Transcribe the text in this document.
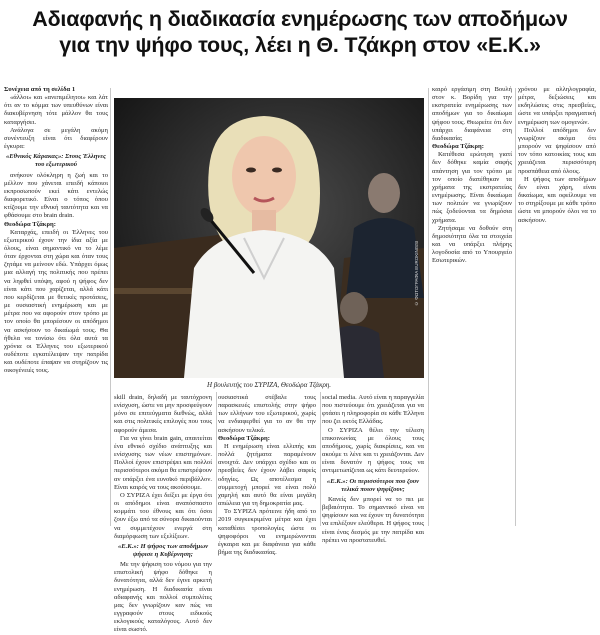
Αδιαφανής η διαδικασία ενημέρωσης των αποδήμων
για την ψήφο τους, λέει η Θ. Τζάκρη στον «Ε.Κ.»

Συνέχεια από τη σελίδα 1

«άλλοι» και «ανεπιμέλητοι» και λάτ ότι αν το κόμμα των υπευθύνων είναι διακυβέρνηση τότε μάλλον θα τους καταργήσει.

Ανάλογα σε μεγάλη ακόμη συνέντευξη είναι ότι διαφέρουν έγκυρα:

«Εθνικός Κάρακας»: Στους Έλληνες του εξωτερικού

ανήκουν ολόκληρη η ζωή και το μέλλον που χάνεται επειδή κάποιοι εκπροσωπούν εκεί κάτι εντελώς διαφορετικό. Είναι ο τόπος όπου κτίζουμε την εθνική ταυτότητα και να φθάσουμε στο brain drain.

Θεοδώρα Τζάκρη:

Καταρχάς, επειδή οι Έλληνες του εξωτερικού έχουν την ίδια αξία με όλους, είναι σημαντικό να το λέμε όταν έρχονται στη χώρα και όταν τους ζητάμε να μείνουν εδώ. Υπάρχει όμως μια αλλαγή της πολιτικής που πρέπει να ληφθεί υπόψη, αφού η ψήφος δεν είναι κάτι που χαρίζεται, αλλά κάτι που κερδίζεται με θετικές προτάσεις, με ουσιαστική ενημέρωση και με μέτρα που να αφορούν στον τρόπο με τον οποίο θα μπορέσουν οι απόδημοι να ασκήσουν το δικαίωμά τους. Θα ήθελα να τονίσω ότι όλα αυτά τα χρόνια οι Έλληνες του εξωτερικού ουδέποτε εγκατέλειψαν την πατρίδα και ουδέποτε έπαψαν να στηρίζουν τις οικογένειές τους.

skill drain, δηλαδή με ταυτόχρονη ενίσχυση, ώστε να μην προσφεύγουν μόνο σε επιτεύγματα διεθνώς, αλλά και στις πολιτικές επιλογές που τους αφορούν άμεσα.

Για να γίνει brain gain, απαιτείται ένα εθνικό σχέδιο ανάπτυξης και ενίσχυσης των νέων επιστημόνων. Πολλοί έχουν επιστρέψει και πολλοί περισσότεροι ακόμα θα επιστρέψουν αν υπάρξει ένα ευνοϊκό περιβάλλον. Είναι καιρός να τους ακούσουμε.

Ο ΣΥΡΙΖΑ έχει δείξει με έργα ότι οι απόδημοι είναι αναπόσπαστο κομμάτι του έθνους και ότι όσοι ζουν έξω από τα σύνορα δικαιούνται να συμμετέχουν ενεργά στη διαμόρφωση των εξελίξεων.

«Ε.Κ.»: Η ψήφος των αποδήμων ψήφισε η Κυβέρνηση;

Με την ψήφιση του νόμου για την επιστολική ψήφο δόθηκε η δυνατότητα, αλλά δεν έγινε αρκετή ενημέρωση. Η διαδικασία είναι αδιαφανής και πολλοί συμπολίτες μας δεν γνωρίζουν καν πώς να εγγραφούν στους ειδικούς εκλογικούς καταλόγους. Αυτό δεν είναι σωστό.

ουσιαστικά στέβαλε τους παρασκευές επιστολής στην ψήφο των ελλήνων του εξωτερικού, χωρίς να ενδιαφερθεί για το αν θα την ασκήσουν τελικά.

Θεοδώρα Τζάκρη:

Η ενημέρωση είναι ελλιπής και πολλά ζητήματα παραμένουν ανοιχτά. Δεν υπάρχει σχέδιο και οι πρεσβείες δεν έχουν λάβει σαφείς οδηγίες. Ως αποτέλεσμα η συμμετοχή μπορεί να είναι πολύ χαμηλή και αυτό θα είναι μεγάλη απώλεια για τη δημοκρατία μας.

Το ΣΥΡΙΖΑ πρότεινε ήδη από το 2019 συγκεκριμένα μέτρα και έχει καταθέσει τροπολογίες ώστε οι ψηφοφόροι να ενημερώνονται έγκαιρα και με διαφάνεια για κάθε βήμα της διαδικασίας.

social media. Αυτό είναι η παραγγελία που πιστεύουμε ότι χρειάζεται για να φτάσει η πληροφορία σε κάθε Έλληνα που ζει εκτός Ελλάδας.

Ο ΣΥΡΙΖΑ θέλει την τέλεση επικοινωνίας με όλους τους αποδήμους, χωρίς διακρίσεις, και να ακούμε τι λένε και τι χρειάζονται. Δεν είναι δυνατόν η ψήφος τους να αντιμετωπίζεται ως κάτι δευτερεύον.

«Ε.Κ.»: Οι περισσότεροι που ζουν τελικά ποιον ψηφίζουν;

Κανείς δεν μπορεί να το πει με βεβαιότητα. Το σημαντικό είναι να ψηφίσουν και να έχουν τη δυνατότητα να επιλέξουν ελεύθερα. Η ψήφος τους είναι ένας δεσμός με την πατρίδα και πρέπει να προστατευθεί.

καιρό εργάσιμη στη Βουλή στον κ. Βορίδη για την εκστρατεία ενημέρωσης των αποδήμων για το δικαίωμα ψήφου τους. Θεωρείτε ότι δεν υπάρχει διαφάνεια στη διαδικασία;

Θεοδώρα Τζάκρη:

Κατέθεσα ερώτηση γιατί δεν δόθηκε καμία σαφής απάντηση για τον τρόπο με τον οποίο διατέθηκαν τα χρήματα της εκστρατείας ενημέρωσης. Είναι δικαίωμα των πολιτών να γνωρίζουν πώς ξοδεύονται τα δημόσια χρήματα.

Ζητήσαμε να δοθούν στη δημοσιότητα όλα τα στοιχεία και να υπάρξει πλήρης λογοδοσία από το Υπουργείο Εσωτερικών.

χρόνου με αλληλογραφία, μέτρα, δεξιώσεις και εκδηλώσεις στις πρεσβείες, ώστε να υπάρξει πραγματική ενημέρωση των ομογενών.

Πολλοί απόδημοι δεν γνωρίζουν ακόμα ότι μπορούν να ψηφίσουν από τον τόπο κατοικίας τους και χρειάζεται περισσότερη προσπάθεια από όλους.

Η ψήφος των αποδήμων δεν είναι χάρη, είναι δικαίωμα, και οφείλουμε να το στηρίξουμε με κάθε τρόπο ώστε να μπορούν όλοι να το ασκήσουν.

© ΦΩΤΟΓΡΑΦΙΑ EUROKINISSI
Η βουλευτής του ΣΥΡΙΖΑ, Θεοδώρα Τζάκρη.
